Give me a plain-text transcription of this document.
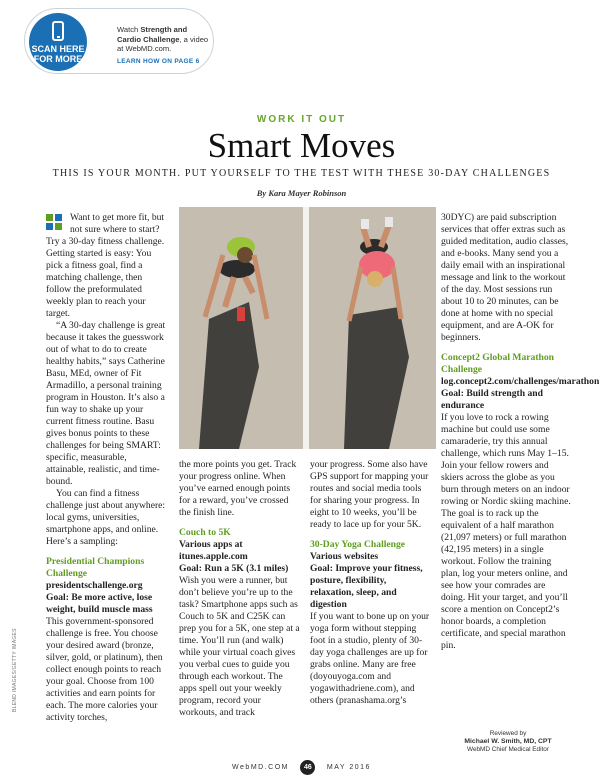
SCAN HERE
FOR MORE
Watch Strength and Cardio Challenge, a video at WebMD.com.
LEARN HOW ON PAGE 6
WORK IT OUT
Smart Moves
THIS IS YOUR MONTH. PUT YOURSELF TO THE TEST WITH THESE 30-DAY CHALLENGES
By Kara Mayer Robinson

Want to get more fit, but not sure where to start? Try a 30-day fitness challenge. Getting started is easy: You pick a fitness goal, find a matching challenge, then follow the preformulated weekly plan to reach your target.

“A 30-day challenge is great because it takes the guesswork out of what to do to create healthy habits,” says Catherine Basu, MEd, owner of Fit Armadillo, a personal training program in Houston. It’s also a fun way to shake up your current fitness routine. Basu gives bonus points to these challenges for being SMART: specific, measurable, attainable, realistic, and time-bound.

You can find a fitness challenge just about anywhere: local gyms, universities, smartphone apps, and online. Here’s a sampling:

Presidential Champions Challenge
presidentschallenge.org
Goal: Be more active, lose weight, build muscle mass

This government-sponsored challenge is free. You choose your desired award (bronze, silver, gold, or platinum), then collect enough points to reach your goal. Choose from 100 activities and earn points for each. The more calories your activity torches,

the more points you get. Track your progress online. When you’ve earned enough points for a reward, you’ve crossed the finish line.

Couch to 5K
Various apps at itunes.apple.com
Goal: Run a 5K (3.1 miles)

Wish you were a runner, but don’t believe you’re up to the task? Smartphone apps such as Couch to 5K and C25K can prep you for a 5K, one step at a time. You’ll run (and walk) while your virtual coach gives you verbal cues to guide you through each workout. The apps spell out your weekly program, record your workouts, and track

your progress. Some also have GPS support for mapping your routes and social media tools for sharing your progress. In eight to 10 weeks, you’ll be ready to lace up for your 5K.

30-Day Yoga Challenge
Various websites
Goal: Improve your fitness, posture, flexibility, relaxation, sleep, and digestion

If you want to bone up on your yoga form without stepping foot in a studio, plenty of 30-day yoga challenges are up for grabs online. Many are free (doyouyoga.com and yogawithadriene.com), and others (pranashama.org’s

30DYC) are paid subscription services that offer extras such as guided meditation, audio classes, and e-books. Many send you a daily email with an inspirational message and link to the workout of the day. Most sessions run about 10 to 20 minutes, can be done at home with no special equipment, and are A-OK for beginners.

Concept2 Global Marathon Challenge
log.concept2.com/challenges/marathon
Goal: Build strength and endurance

If you love to rock a rowing machine but could use some camaraderie, try this annual challenge, which runs May 1–15. Join your fellow rowers and skiers across the globe as you burn through meters on an indoor rowing or Nordic skiing machine. The goal is to rack up the equivalent of a half marathon (21,097 meters) or full marathon (42,195 meters) in a single workout. Follow the training plan, log your meters online, and see how your comrades are doing. Hit your target, and you’ll score a mention on Concept2’s honor boards, a completion certificate, and special marathon pin.

Reviewed by
Michael W. Smith, MD, CPT
WebMD Chief Medical Editor
BLEND IMAGES/GETTY IMAGES
WebMD.COM 46 MAY 2016
